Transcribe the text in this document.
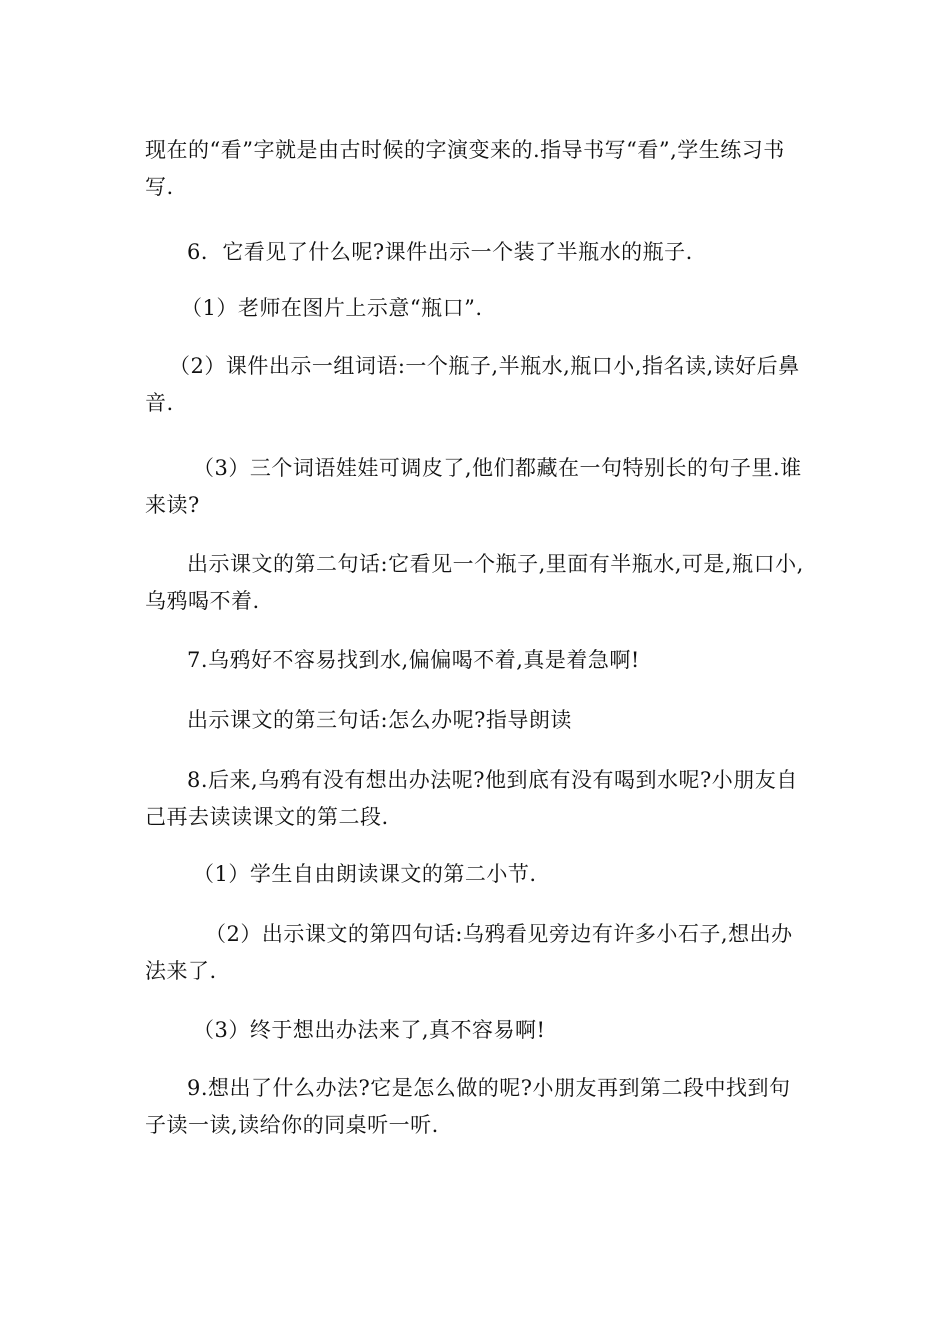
现在的“看”字就是由古时候的字演变来的.指导书写“看”,学生练习书写.

6．它看见了什么呢?课件出示一个装了半瓶水的瓶子.

（1）老师在图片上示意“瓶口”.

（2）课件出示一组词语:一个瓶子,半瓶水,瓶口小,指名读,读好后鼻音.

（3）三个词语娃娃可调皮了,他们都藏在一句特别长的句子里.谁来读?

出示课文的第二句话:它看见一个瓶子,里面有半瓶水,可是,瓶口小,乌鸦喝不着.

7.乌鸦好不容易找到水,偏偏喝不着,真是着急啊!

出示课文的第三句话:怎么办呢?指导朗读

8.后来,乌鸦有没有想出办法呢?他到底有没有喝到水呢?小朋友自己再去读读课文的第二段.

（1）学生自由朗读课文的第二小节.

（2）出示课文的第四句话:乌鸦看见旁边有许多小石子,想出办法来了.

（3）终于想出办法来了,真不容易啊!

9.想出了什么办法?它是怎么做的呢?小朋友再到第二段中找到句子读一读,读给你的同桌听一听.
